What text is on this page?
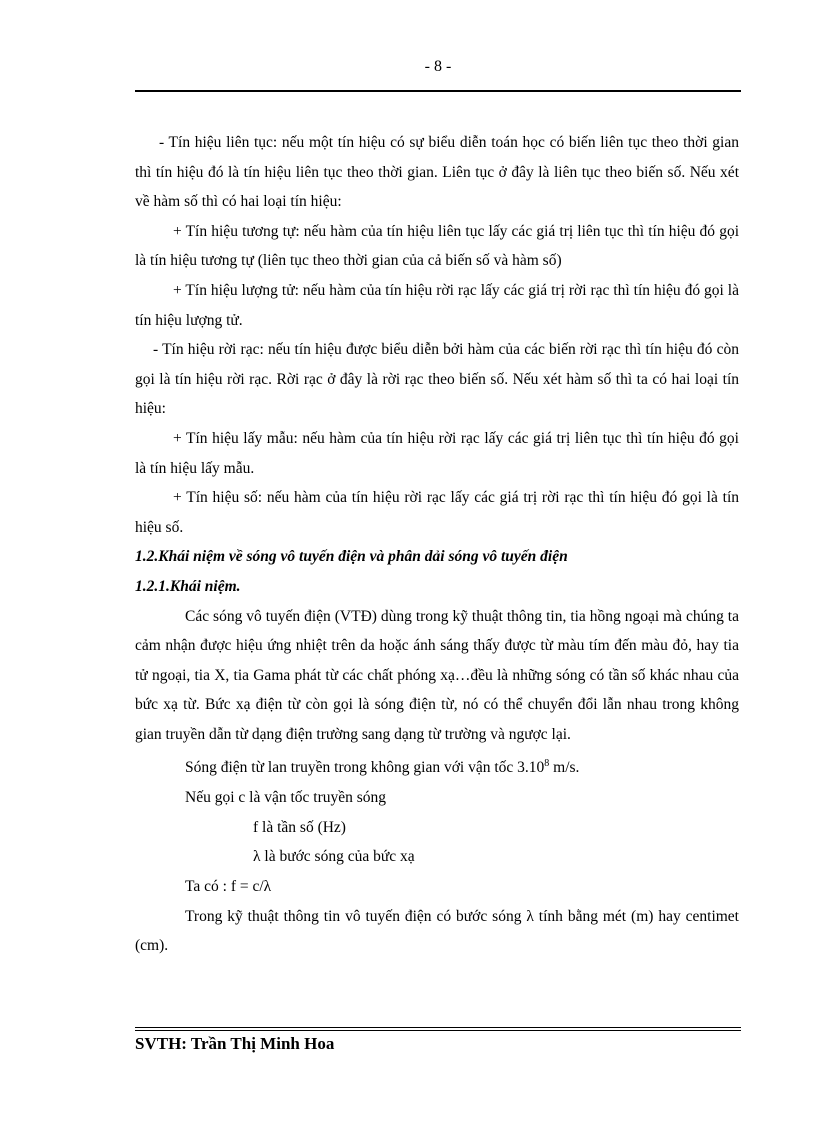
- 8 -

- Tín hiệu liên tục: nếu một tín hiệu có sự biểu diễn toán học có biến liên tục theo thời gian thì tín hiệu đó là tín hiệu liên tục theo thời gian. Liên tục ở đây là liên tục theo biến số. Nếu xét về hàm số thì có hai loại tín hiệu:

+ Tín hiệu tương tự: nếu hàm của tín hiệu liên tục lấy các giá trị liên tục thì tín hiệu đó gọi là tín hiệu tương tự (liên tục theo thời gian của cả biến số và hàm số)

+ Tín hiệu lượng tử: nếu hàm của tín hiệu rời rạc lấy các giá trị rời rạc thì tín hiệu đó gọi là tín hiệu lượng tử.

- Tín hiệu rời rạc: nếu tín hiệu được biểu diễn bởi hàm của các biến rời rạc thì tín hiệu đó còn gọi là tín hiệu rời rạc. Rời rạc ở đây là rời rạc theo biến số. Nếu xét hàm số thì ta có hai loại tín hiệu:

+ Tín hiệu lấy mẫu: nếu hàm của tín hiệu rời rạc lấy các giá trị liên tục thì tín hiệu đó gọi là tín hiệu lấy mẫu.

+ Tín hiệu số: nếu hàm của tín hiệu rời rạc lấy các giá trị rời rạc thì tín hiệu đó gọi là tín hiệu số.

1.2.Khái niệm về sóng vô tuyến điện và phân dải sóng vô tuyến điện

1.2.1.Khái niệm.

Các sóng vô tuyến điện (VTĐ) dùng trong kỹ thuật thông tin, tia hồng ngoại mà chúng ta cảm nhận được hiệu ứng nhiệt trên da hoặc ánh sáng thấy được từ màu tím đến màu đỏ, hay tia tử ngoại, tia X, tia Gama phát từ các chất phóng xạ…đều là những sóng có tần số khác nhau của bức xạ từ. Bức xạ điện từ còn gọi là sóng điện từ, nó có thể chuyển đổi lẫn nhau trong không gian truyền dẫn từ dạng điện trường sang dạng từ trường và ngược lại.

Sóng điện từ lan truyền trong không gian với vận tốc 3.10$^8$ m/s.

Nếu gọi c là vận tốc truyền sóng

f là tần số (Hz)

λ là bước sóng của bức xạ

Ta có : f = c/λ

Trong kỹ thuật thông tin vô tuyến điện có bước sóng λ tính bằng mét (m) hay centimet (cm).

SVTH: Trần Thị Minh Hoa
